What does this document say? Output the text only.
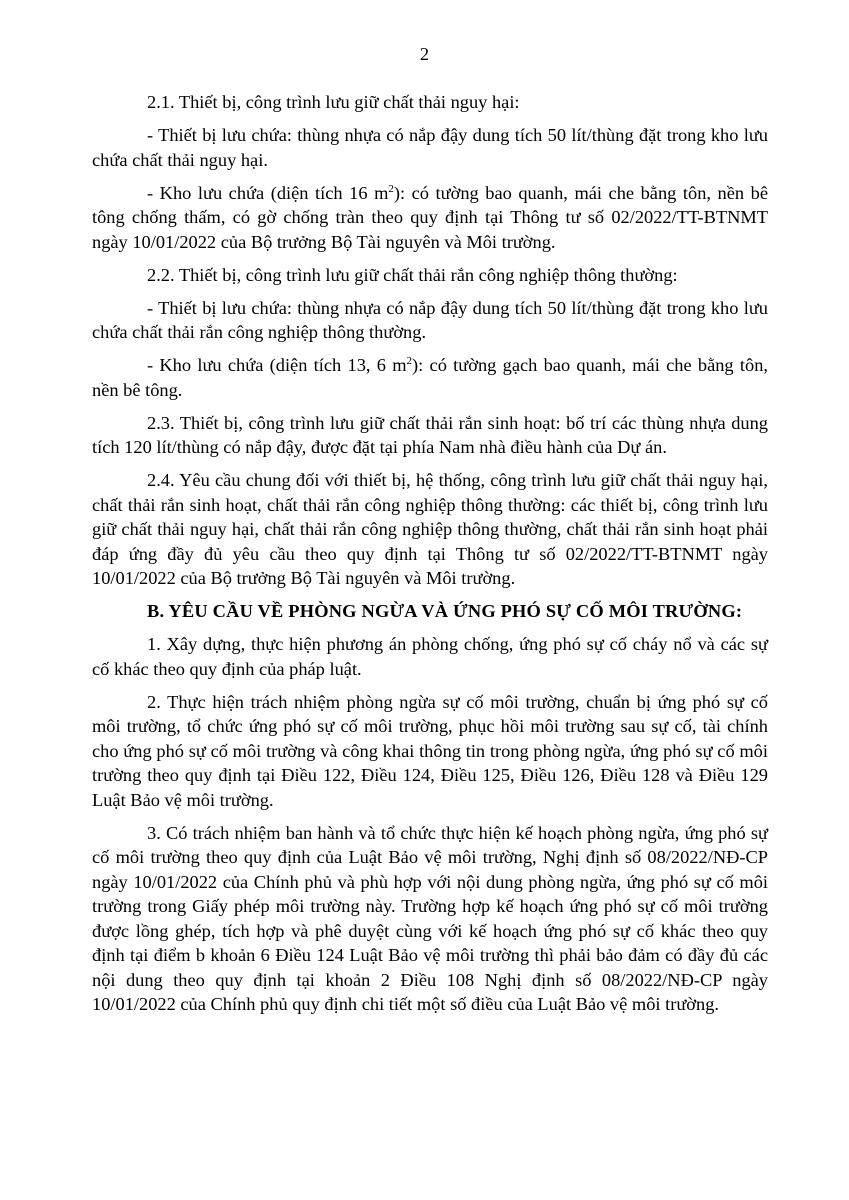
2

2.1. Thiết bị, công trình lưu giữ chất thải nguy hại:

- Thiết bị lưu chứa: thùng nhựa có nắp đậy dung tích 50 lít/thùng đặt trong kho lưu chứa chất thải nguy hại.

- Kho lưu chứa (diện tích 16 $m^2$): có tường bao quanh, mái che bằng tôn, nền bê tông chống thấm, có gờ chống tràn theo quy định tại Thông tư số 02/2022/TT-BTNMT ngày 10/01/2022 của Bộ trưởng Bộ Tài nguyên và Môi trường.

2.2. Thiết bị, công trình lưu giữ chất thải rắn công nghiệp thông thường:

- Thiết bị lưu chứa: thùng nhựa có nắp đậy dung tích 50 lít/thùng đặt trong kho lưu chứa chất thải rắn công nghiệp thông thường.

- Kho lưu chứa (diện tích 13, 6 $m^2$): có tường gạch bao quanh, mái che bằng tôn, nền bê tông.

2.3. Thiết bị, công trình lưu giữ chất thải rắn sinh hoạt: bố trí các thùng nhựa dung tích 120 lít/thùng có nắp đậy, được đặt tại phía Nam nhà điều hành của Dự án.

2.4. Yêu cầu chung đối với thiết bị, hệ thống, công trình lưu giữ chất thải nguy hại, chất thải rắn sinh hoạt, chất thải rắn công nghiệp thông thường: các thiết bị, công trình lưu giữ chất thải nguy hại, chất thải rắn công nghiệp thông thường, chất thải rắn sinh hoạt phải đáp ứng đầy đủ yêu cầu theo quy định tại Thông tư số 02/2022/TT-BTNMT ngày 10/01/2022 của Bộ trưởng Bộ Tài nguyên và Môi trường.

B. YÊU CẦU VỀ PHÒNG NGỪA VÀ ỨNG PHÓ SỰ CỐ MÔI TRƯỜNG:

1. Xây dựng, thực hiện phương án phòng chống, ứng phó sự cố cháy nổ và các sự cố khác theo quy định của pháp luật.

2. Thực hiện trách nhiệm phòng ngừa sự cố môi trường, chuẩn bị ứng phó sự cố môi trường, tổ chức ứng phó sự cố môi trường, phục hồi môi trường sau sự cố, tài chính cho ứng phó sự cố môi trường và công khai thông tin trong phòng ngừa, ứng phó sự cố môi trường theo quy định tại Điều 122, Điều 124, Điều 125, Điều 126, Điều 128 và Điều 129 Luật Bảo vệ môi trường.

3. Có trách nhiệm ban hành và tổ chức thực hiện kế hoạch phòng ngừa, ứng phó sự cố môi trường theo quy định của Luật Bảo vệ môi trường, Nghị định số 08/2022/NĐ-CP ngày 10/01/2022 của Chính phủ và phù hợp với nội dung phòng ngừa, ứng phó sự cố môi trường trong Giấy phép môi trường này. Trường hợp kế hoạch ứng phó sự cố môi trường được lồng ghép, tích hợp và phê duyệt cùng với kế hoạch ứng phó sự cố khác theo quy định tại điểm b khoản 6 Điều 124 Luật Bảo vệ môi trường thì phải bảo đảm có đầy đủ các nội dung theo quy định tại khoản 2 Điều 108 Nghị định số 08/2022/NĐ-CP ngày 10/01/2022 của Chính phủ quy định chi tiết một số điều của Luật Bảo vệ môi trường.
